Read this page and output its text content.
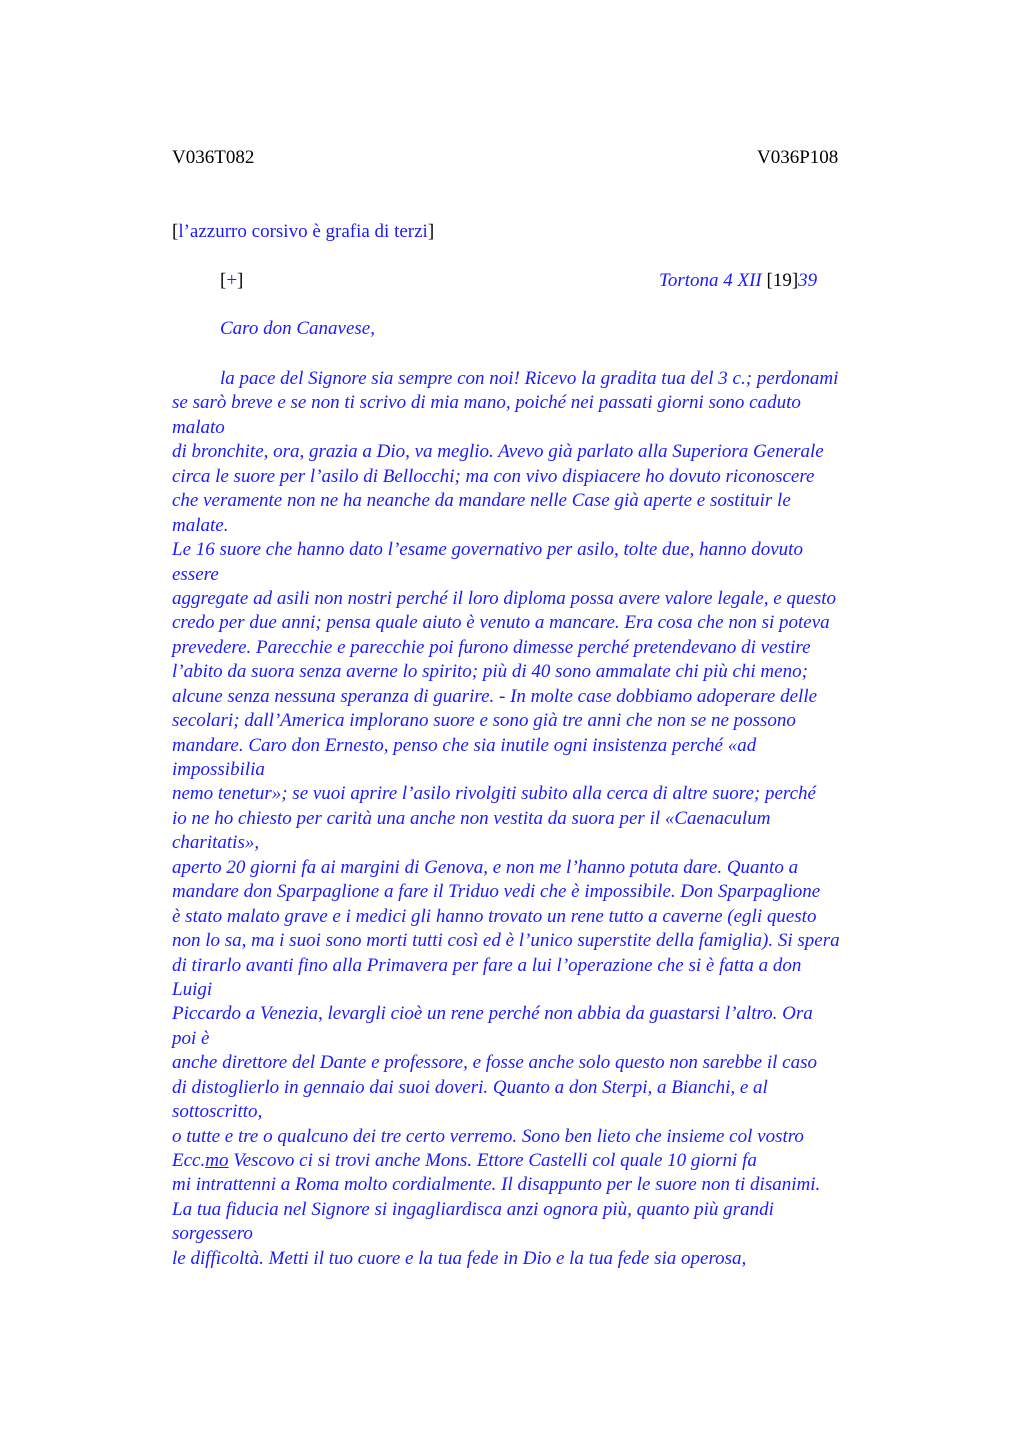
V036T082	V036P108
[l’azzurro corsivo è grafia di terzi]
[+]	Tortona 4 XII [19]39
Caro don Canavese,
la pace del Signore sia sempre con noi! Ricevo la gradita tua del 3 c.; perdonami
se sarò breve e se non ti scrivo di mia mano, poiché nei passati giorni sono caduto
malato
di bronchite, ora, grazia a Dio, va meglio. Avevo già parlato alla Superiora Generale
circa le suore per l’asilo di Bellocchi; ma con vivo dispiacere ho dovuto riconoscere
che veramente non ne ha neanche da mandare nelle Case già aperte e sostituir le
malate.
Le 16 suore che hanno dato l’esame governativo per asilo, tolte due, hanno dovuto
essere
aggregate ad asili non nostri perché il loro diploma possa avere valore legale, e questo
credo per due anni; pensa quale aiuto è venuto a mancare. Era cosa che non si poteva
prevedere. Parecchie e parecchie poi furono dimesse perché pretendevano di vestire
l’abito da suora senza averne lo spirito; più di 40 sono ammalate chi più chi meno;
alcune senza nessuna speranza di guarire. - In molte case dobbiamo adoperare delle
secolari; dall’America implorano suore e sono già tre anni che non se ne possono
mandare. Caro don Ernesto, penso che sia inutile ogni insistenza perché «ad
impossibilia
nemo tenetur»; se vuoi aprire l’asilo rivolgiti subito alla cerca di altre suore; perché
io ne ho chiesto per carità una anche non vestita da suora per il «Caenaculum
charitatis»,
aperto 20 giorni fa ai margini di Genova, e non me l’hanno potuta dare. Quanto a
mandare don Sparpaglione a fare il Triduo vedi che è impossibile. Don Sparpaglione
è stato malato grave e i medici gli hanno trovato un rene tutto a caverne (egli questo
non lo sa, ma i suoi sono morti tutti così ed è l’unico superstite della famiglia). Si spera
di tirarlo avanti fino alla Primavera per fare a lui l’operazione che si è fatta a don
Luigi
Piccardo a Venezia, levargli cioè un rene perché non abbia da guastarsi l’altro. Ora
poi è
anche direttore del Dante e professore, e fosse anche solo questo non sarebbe il caso
di distoglierlo in gennaio dai suoi doveri. Quanto a don Sterpi, a Bianchi, e al
sottoscritto,
o tutte e tre o qualcuno dei tre certo verremo. Sono ben lieto che insieme col vostro
Ecc.mo Vescovo ci si trovi anche Mons. Ettore Castelli col quale 10 giorni fa
mi intrattenni a Roma molto cordialmente. Il disappunto per le suore non ti disanimi.
La tua fiducia nel Signore si ingagliardisca anzi ognora più, quanto più grandi
sorgessero
le difficoltà. Metti il tuo cuore e la tua fede in Dio e la tua fede sia operosa,
